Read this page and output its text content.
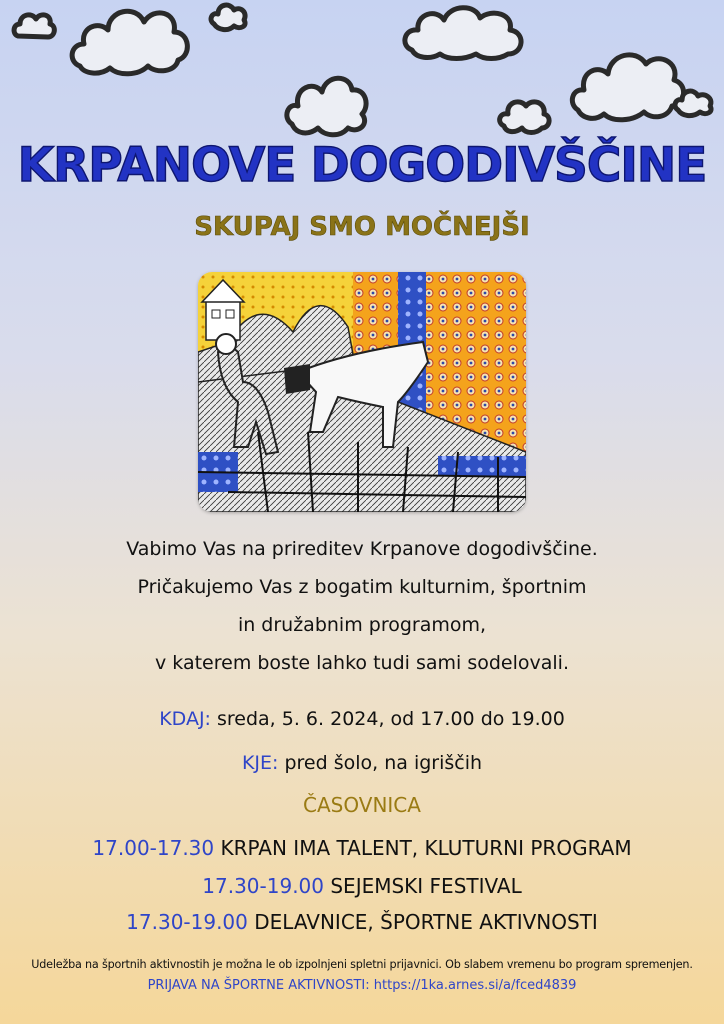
KRPANOVE DOGODIVŠČINE
SKUPAJ SMO MOČNEJŠI
Vabimo Vas na prireditev Krpanove dogodivščine.
Pričakujemo Vas z bogatim kulturnim, športnim
in družabnim programom,
v katerem boste lahko tudi sami sodelovali.
KDAJ: sreda, 5. 6. 2024, od 17.00 do 19.00
KJE: pred šolo, na igriščih
ČASOVNICA
17.00-17.30 KRPAN IMA TALENT, KLUTURNI PROGRAM
17.30-19.00 SEJEMSKI FESTIVAL
17.30-19.00 DELAVNICE, ŠPORTNE AKTIVNOSTI
Udeležba na športnih aktivnostih je možna le ob izpolnjeni spletni prijavnici. Ob slabem vremenu bo program spremenjen.
PRIJAVA NA ŠPORTNE AKTIVNOSTI: https://1ka.arnes.si/a/fced4839
